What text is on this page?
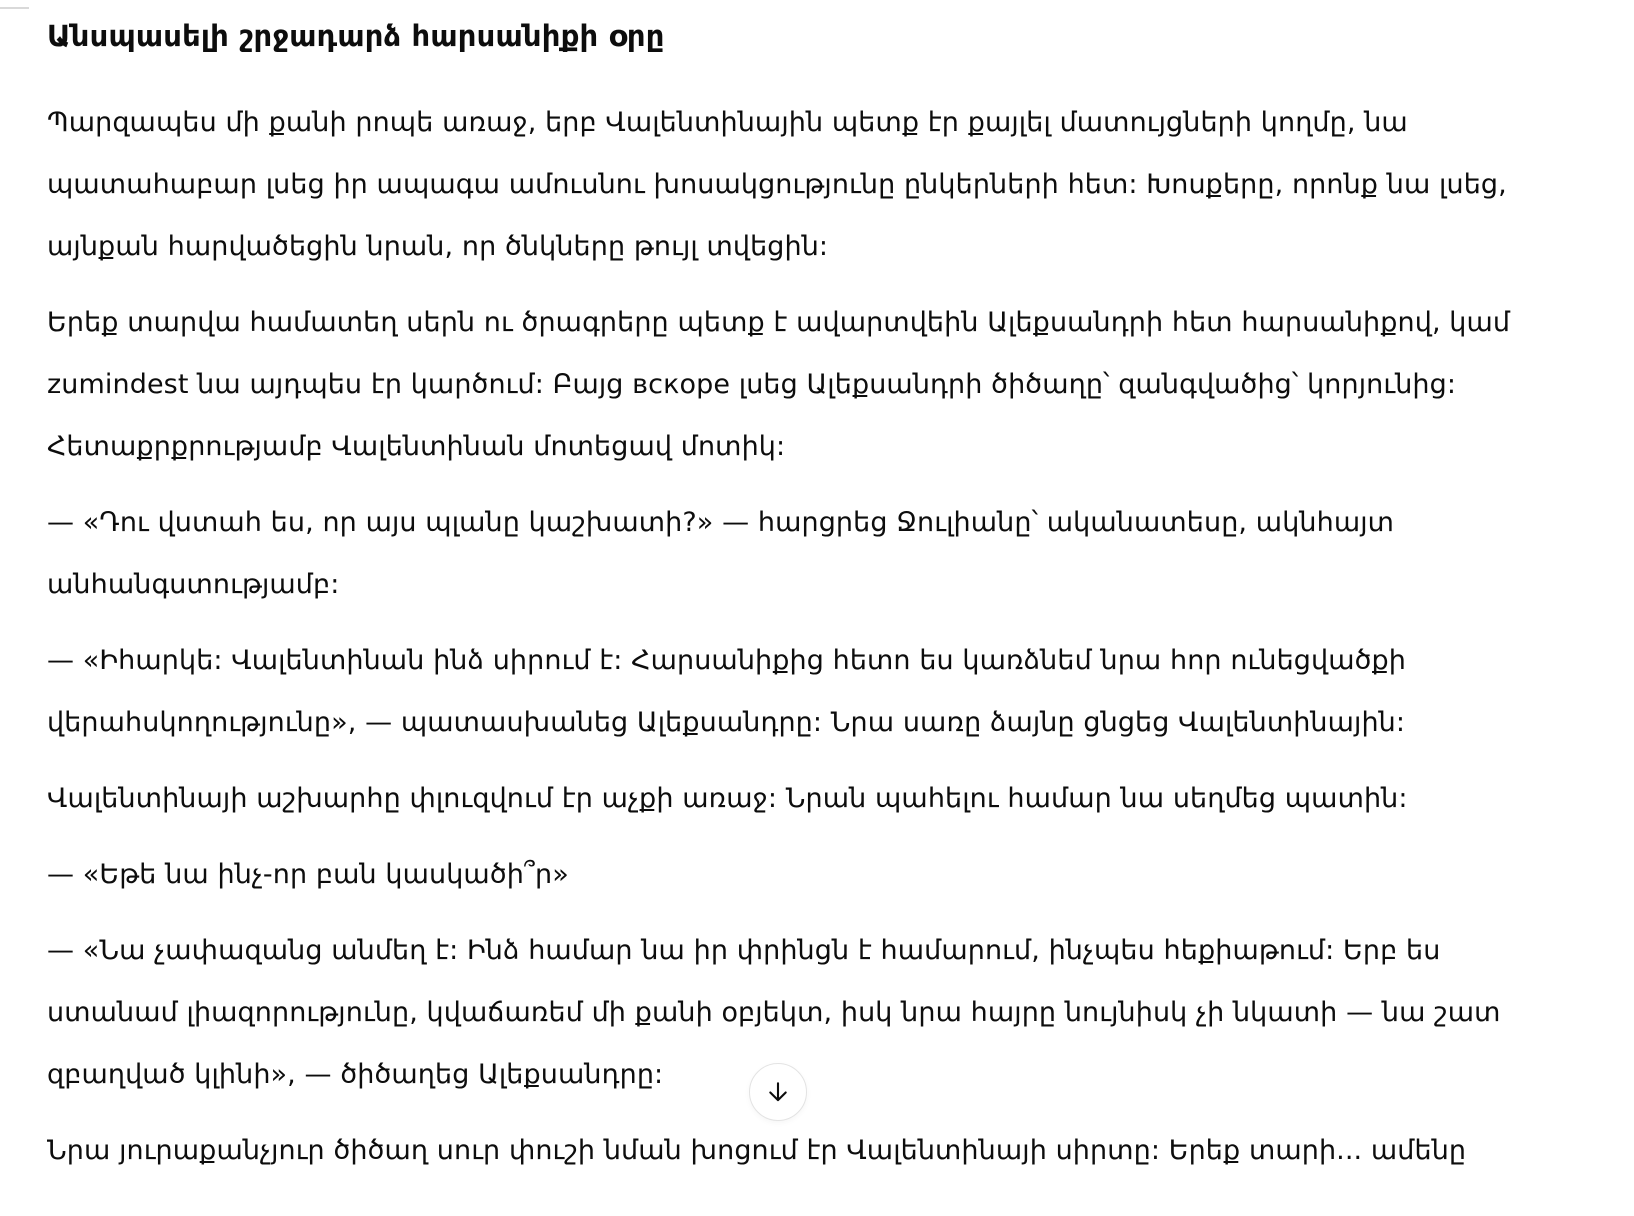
Անսպասելի շրջադարձ հարսանիքի օրը

Պարզապես մի քանի րոպե առաջ, երբ Վալենտինային պետք էր քայլել մատույցների կողմը, նա պատահաբար լսեց իր ապագա ամուսնու խոսակցությունը ընկերների հետ: Խոսքերը, որոնք նա լսեց, այնքան հարվածեցին նրան, որ ծնկները թույլ տվեցին:

Երեք տարվա համատեղ սերն ու ծրագրերը պետք է ավարտվեին Ալեքսանդրի հետ հարսանիքով, կամ zumindest նա այդպես էր կարծում: Բայց вскоре լսեց Ալեքսանդրի ծիծաղը՝ զանգվածից՝ կորյունից: Հետաքրքրությամբ Վալենտինան մոտեցավ մոտիկ:

— «Դու վստահ ես, որ այս պլանը կաշխատի?» — հարցրեց Ջուլիանը՝ ականատեսը, ակնհայտ անհանգստությամբ:

— «Իհարկե: Վալենտինան ինձ սիրում է: Հարսանիքից հետո ես կառձնեմ նրա հոր ունեցվածքի վերահսկողությունը», — պատասխանեց Ալեքսանդրը: Նրա սառը ձայնը ցնցեց Վալենտինային:

Վալենտինայի աշխարհը փլուզվում էր աչքի առաջ: Նրան պահելու համար նա սեղմեց պատին:

— «Եթե նա ինչ-որ բան կասկածի՞ր»

— «Նա չափազանց անմեղ է: Ինձ համար նա իր փրինցն է համարում, ինչպես հեքիաթում: Երբ ես ստանամ լիազորությունը, կվաճառեմ մի քանի օբյեկտ, իսկ նրա հայրը նույնիսկ չի նկատի — նա շատ զբաղված կլինի», — ծիծաղեց Ալեքսանդրը:

Նրա յուրաքանչյուր ծիծաղ սուր փուշի նման խոցում էր Վալենտինայի սիրտը: Երեք տարի... ամենը
